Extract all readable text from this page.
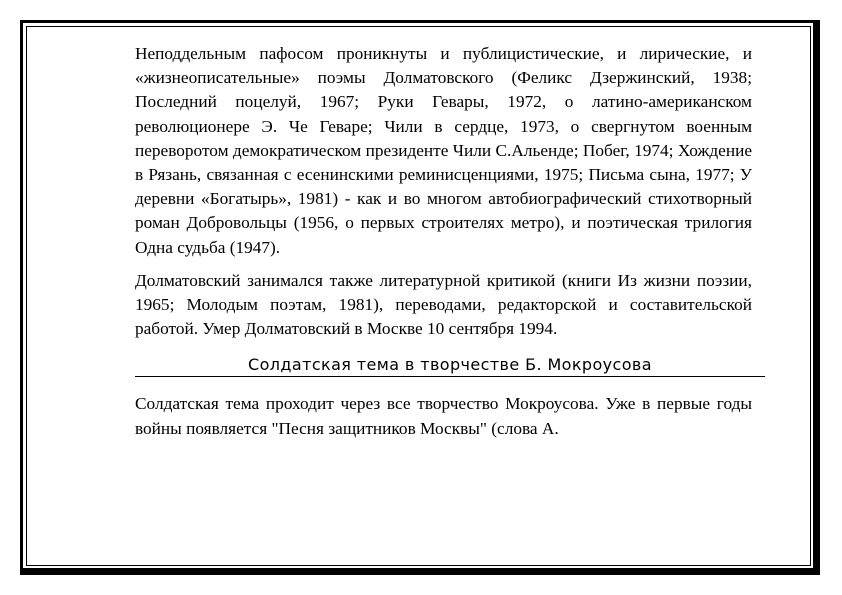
Неподдельным пафосом проникнуты и публицистические, и лирические, и «жизнеописательные» поэмы Долматовского (Феликс Дзержинский, 1938; Последний поцелуй, 1967; Руки Гевары, 1972, о латино-американском революционере Э. Че Геваре; Чили в сердце, 1973, о свергнутом военным переворотом демократическом президенте Чили С.Альенде; Побег, 1974; Хождение в Рязань, связанная с есенинскими реминисценциями, 1975; Письма сына, 1977; У деревни «Богатырь», 1981) - как и во многом автобиографический стихотворный роман Добровольцы (1956, о первых строителях метро), и поэтическая трилогия Одна судьба (1947).

Долматовский занимался также литературной критикой (книги Из жизни поэзии, 1965; Молодым поэтам, 1981), переводами, редакторской и составительской работой. Умер Долматовский в Москве 10 сентября 1994.

Солдатская тема в творчестве Б. Мокроусова

Солдатская тема проходит через все творчество Мокроусова. Уже в первые годы войны появляется "Песня защитников Москвы" (слова А.
